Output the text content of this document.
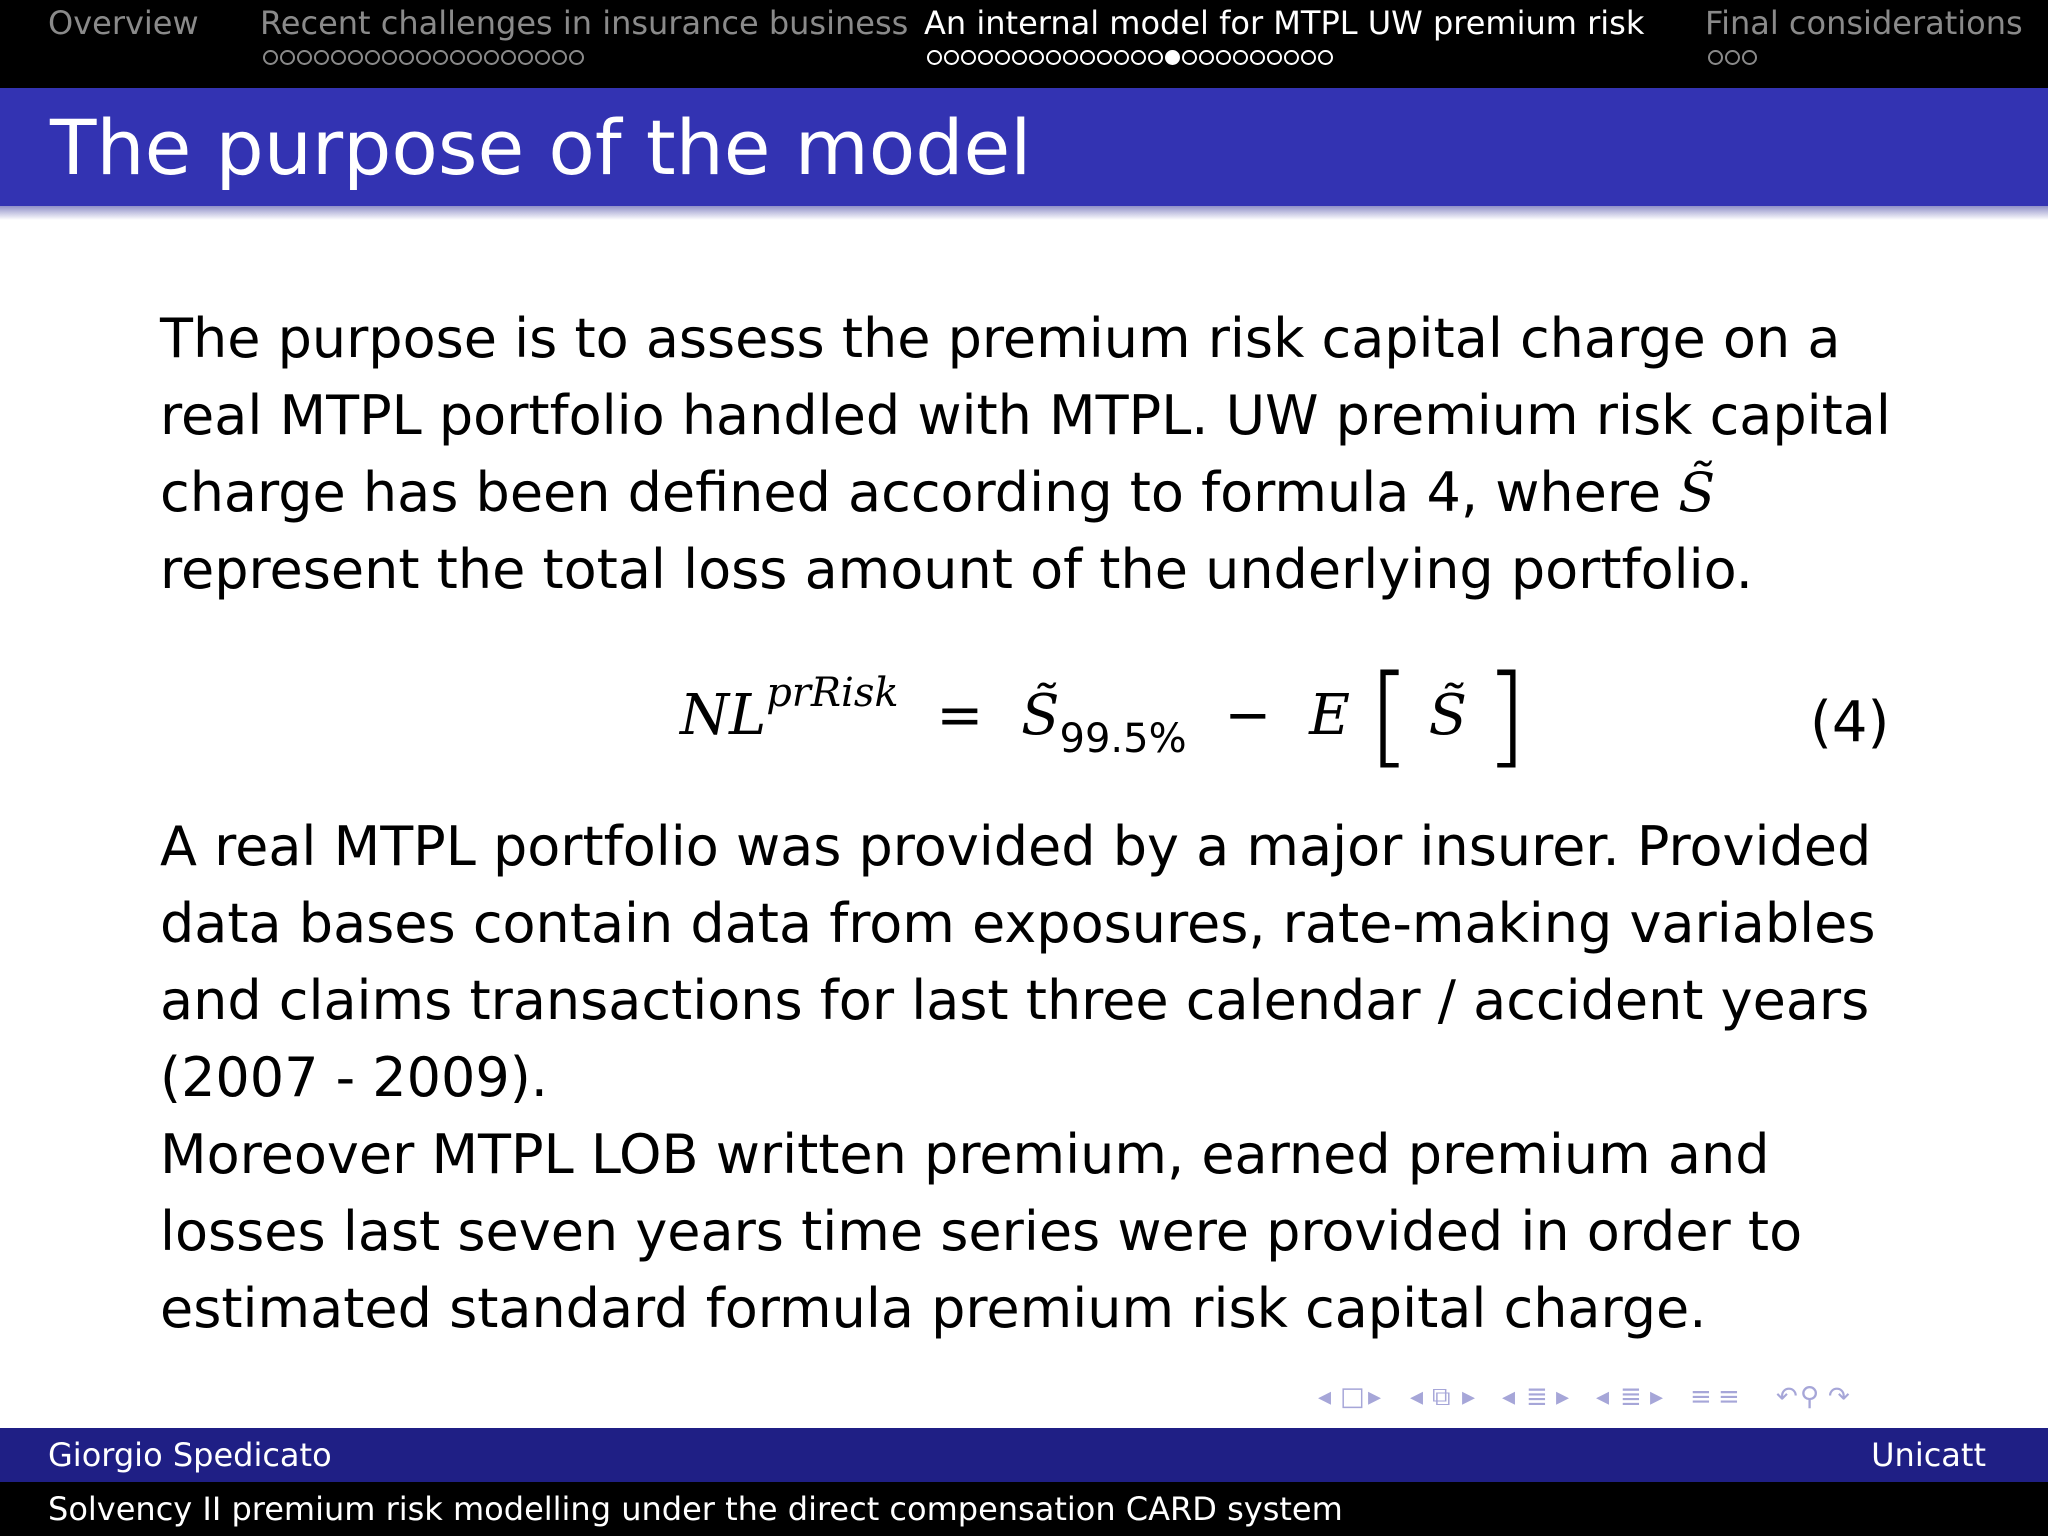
Overview Recent challenges in insurance business An internal model for MTPL UW premium risk Final considerations
The purpose of the model

The purpose is to assess the premium risk capital charge on a real MTPL portfolio handled with MTPL. UW premium risk capital charge has been defined according to formula 4, where S̃ represent the total loss amount of the underlying portfolio.

$NL^{prRisk}$ = $S̃_{99.5\%} - E$ [ S̃ ]	(4)

A real MTPL portfolio was provided by a major insurer. Provided data bases contain data from exposures, rate-making variables and claims transactions for last three calendar / accident years (2007 - 2009).

Moreover MTPL LOB written premium, earned premium and losses last seven years time series were provided in order to estimated standard formula premium risk capital charge.

◂ □ ▸ ◂ ⧉ ▸ ◂ ≣ ▸ ◂ ≣ ▸ ≡ ≡ ↶ ⚲ ↷
Giorgio Spedicato	Unicatt
Solvency II premium risk modelling under the direct compensation CARD system
